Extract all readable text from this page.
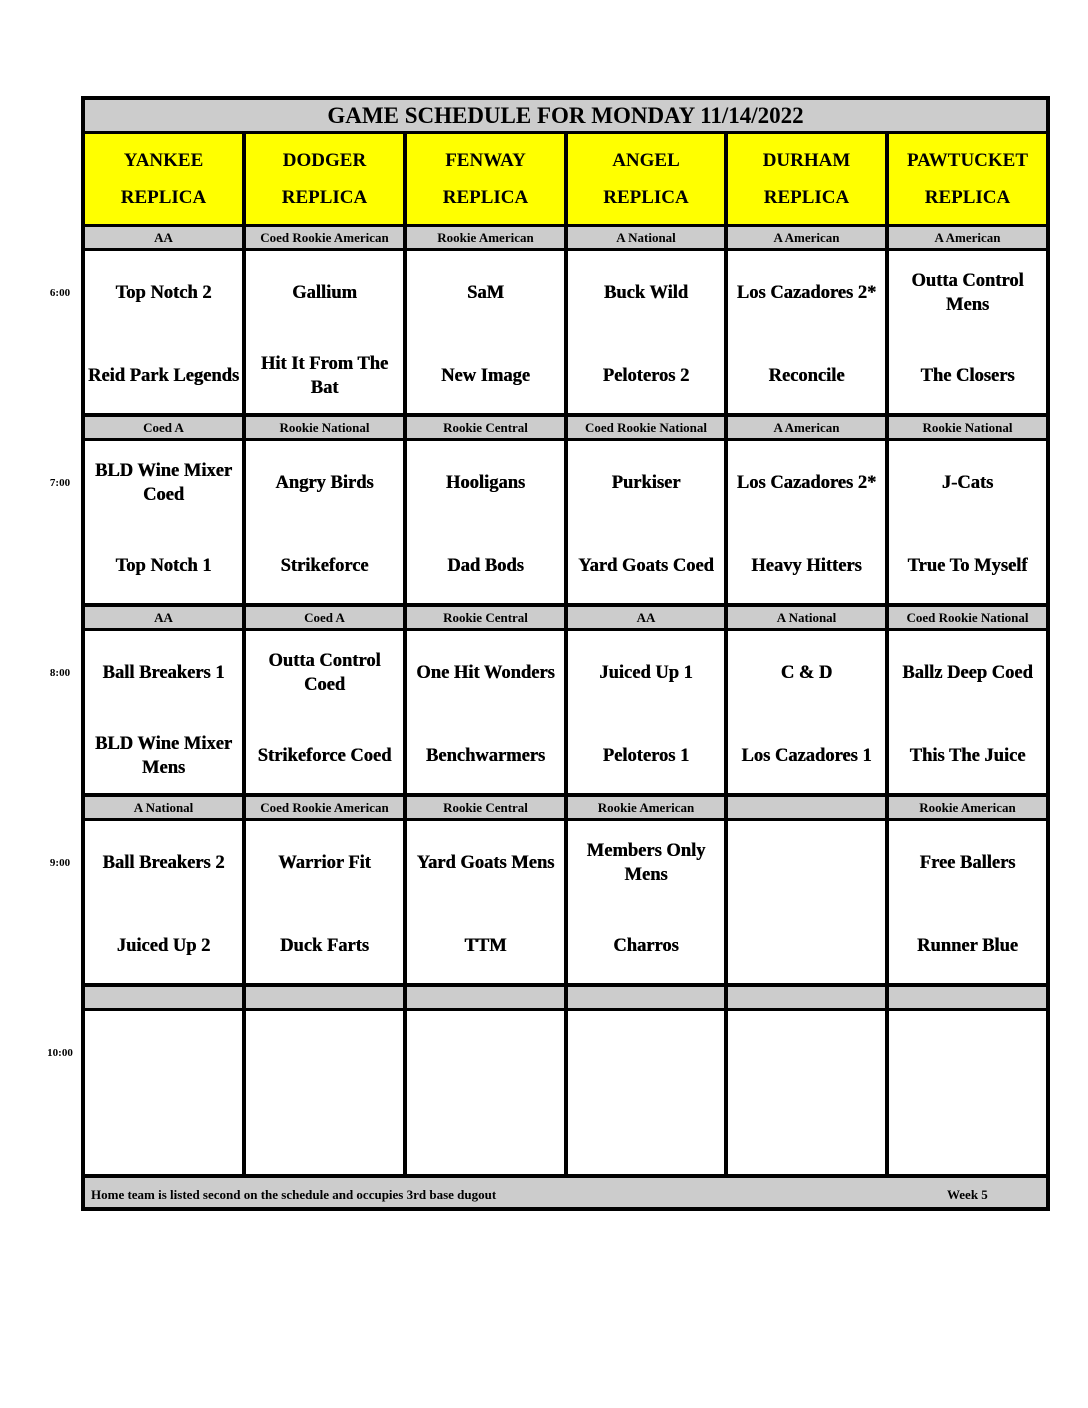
GAME SCHEDULE FOR MONDAY 11/14/2022
YANKEE
REPLICA
DODGER
REPLICA
FENWAY
REPLICA
ANGEL
REPLICA
DURHAM
REPLICA
PAWTUCKET
REPLICA
AA
Top Notch 2
Reid Park Legends
Coed Rookie American
Gallium
Hit It From The Bat
Rookie American
SaM
New Image
A National
Buck Wild
Peloteros 2
A American
Los Cazadores 2*
Reconcile
A American
Outta Control Mens
The Closers
Coed A
BLD Wine Mixer Coed
Top Notch 1
Rookie National
Angry Birds
Strikeforce
Rookie Central
Hooligans
Dad Bods
Coed Rookie National
Purkiser
Yard Goats Coed
A American
Los Cazadores 2*
Heavy Hitters
Rookie National
J-Cats
True To Myself
AA
Ball Breakers 1
BLD Wine Mixer Mens
Coed A
Outta Control Coed
Strikeforce Coed
Rookie Central
One Hit Wonders
Benchwarmers
AA
Juiced Up 1
Peloteros 1
A National
C & D
Los Cazadores 1
Coed Rookie National
Ballz Deep Coed
This The Juice
A National
Ball Breakers 2
Juiced Up 2
Coed Rookie American
Warrior Fit
Duck Farts
Rookie Central
Yard Goats Mens
TTM
Rookie American
Members Only Mens
Charros
Rookie American
Free Ballers
Runner Blue
Home team is listed second on the schedule and occupies 3rd base dugout	Week 5
6:00
7:00
8:00
9:00
10:00
